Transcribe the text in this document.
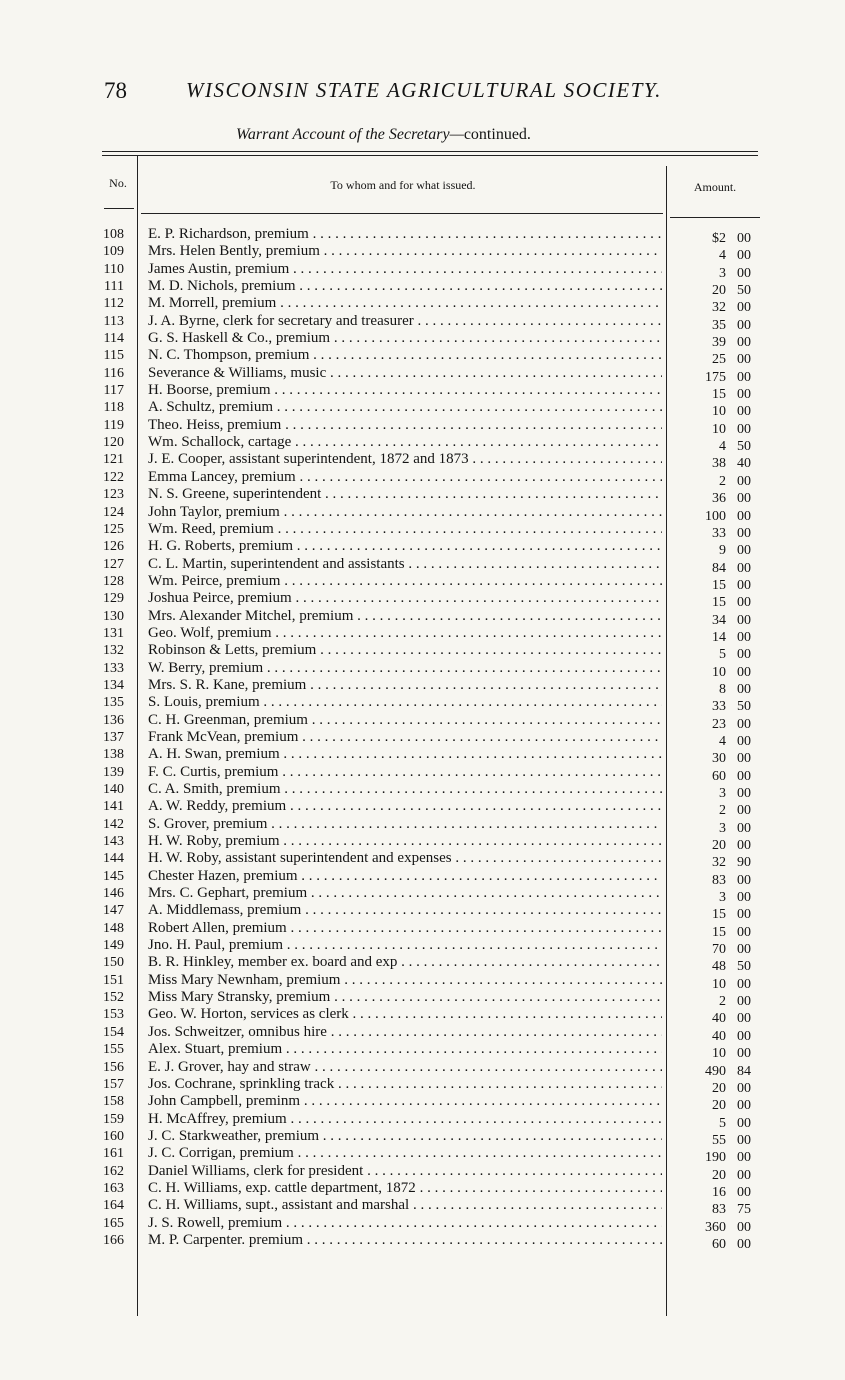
78	WISCONSIN STATE AGRICULTURAL SOCIETY.
Warrant Account of the Secretary—continued.
No.	To whom and for what issued.	Amount.
108 E. P. Richardson, premium . . .	$2 00
109 Mrs. Helen Bently, premium . . .	4 00
110 James Austin, premium . . .	3 00
111 M. D. Nichols, premium . . .	20 50
112 M. Morrell, premium . . .	32 00
113 J. A. Byrne, clerk for secretary and treasurer . . .	35 00
114 G. S. Haskell & Co., premium . . .	39 00
115 N. C. Thompson, premium . . .	25 00
116 Severance & Williams, music . . .	175 00
117 H. Boorse, premium . . .	15 00
118 A. Schultz, premium . . .	10 00
119 Theo. Heiss, premium . . .	10 00
120 Wm. Schallock, cartage . . .	4 50
121 J. E. Cooper, assistant superintendent, 1872 and 1873 . . .	38 40
122 Emma Lancey, premium . . .	2 00
123 N. S. Greene, superintendent . . .	36 00
124 John Taylor, premium . . .	100 00
125 Wm. Reed, premium . . .	33 00
126 H. G. Roberts, premium . . .	9 00
127 C. L. Martin, superintendent and assistants . . .	84 00
128 Wm. Peirce, premium . . .	15 00
129 Joshua Peirce, premium . . .	15 00
130 Mrs. Alexander Mitchel, premium . . .	34 00
131 Geo. Wolf, premium . . .	14 00
132 Robinson & Letts, premium . . .	5 00
133 W. Berry, premium . . .	10 00
134 Mrs. S. R. Kane, premium . . .	8 00
135 S. Louis, premium . . .	33 50
136 C. H. Greenman, premium . . .	23 00
137 Frank McVean, premium . . .	4 00
138 A. H. Swan, premium . . .	30 00
139 F. C. Curtis, premium . . .	60 00
140 C. A. Smith, premium . . .	3 00
141 A. W. Reddy, premium . . .	2 00
142 S. Grover, premium . . .	3 00
143 H. W. Roby, premium . . .	20 00
144 H. W. Roby, assistant superintendent and expenses . . .	32 90
145 Chester Hazen, premium . . .	83 00
146 Mrs. C. Gephart, premium . . .	3 00
147 A. Middlemass, premium . . .	15 00
148 Robert Allen, premium . . .	15 00
149 Jno. H. Paul, premium . . .	70 00
150 B. R. Hinkley, member ex. board and exp . . .	48 50
151 Miss Mary Newnham, premium . . .	10 00
152 Miss Mary Stransky, premium . . .	2 00
153 Geo. W. Horton, services as clerk . . .	40 00
154 Jos. Schweitzer, omnibus hire . . .	40 00
155 Alex. Stuart, premium . . .	10 00
156 E. J. Grover, hay and straw . . .	490 84
157 Jos. Cochrane, sprinkling track . . .	20 00
158 John Campbell, preminm . . .	20 00
159 H. McAffrey, premium . . .	5 00
160 J. C. Starkweather, premium . . .	55 00
161 J. C. Corrigan, premium . . .	190 00
162 Daniel Williams, clerk for president . . .	20 00
163 C. H. Williams, exp. cattle department, 1872 . . .	16 00
164 C. H. Williams, supt., assistant and marshal . . .	83 75
165 J. S. Rowell, premium . . .	360 00
166 M. P. Carpenter. premium . . .	60 00
